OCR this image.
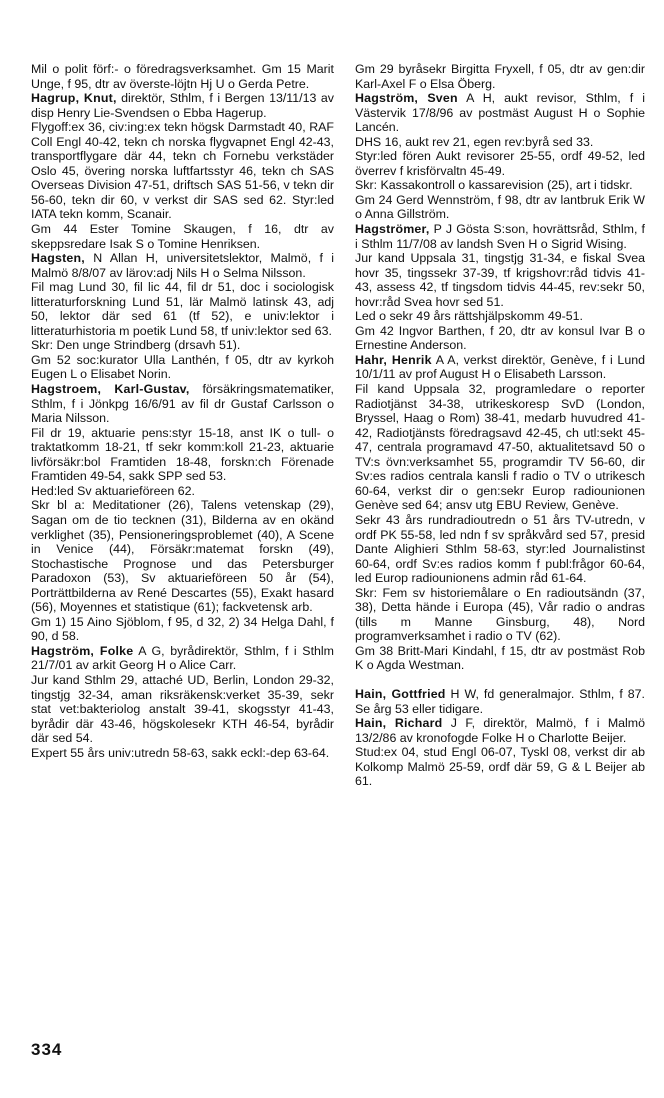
Mil o polit förf:- o föredragsverksamhet. Gm 15 Marit Unge, f 95, dtr av överste-löjtn Hj U o Gerda Petre.

Hagrup, Knut, direktör, Sthlm, f i Bergen 13/11/13 av disp Henry Lie-Svendsen o Ebba Hagerup.

Flygoff:ex 36, civ:ing:ex tekn högsk Darmstadt 40, RAF Coll Engl 40-42, tekn ch norska flygvapnet Engl 42-43, transportflygare där 44, tekn ch Fornebu verkstäder Oslo 45, övering norska luftfartsstyr 46, tekn ch SAS Overseas Division 47-51, driftsch SAS 51-56, v tekn dir 56-60, tekn dir 60, v verkst dir SAS sed 62. Styr:led IATA tekn komm, Scanair.

Gm 44 Ester Tomine Skaugen, f 16, dtr av skeppsredare Isak S o Tomine Henriksen.

Hagsten, N Allan H, universitetslektor, Malmö, f i Malmö 8/8/07 av lärov:adj Nils H o Selma Nilsson.

Fil mag Lund 30, fil lic 44, fil dr 51, doc i sociologisk litteraturforskning Lund 51, lär Malmö latinsk 43, adj 50, lektor där sed 61 (tf 52), e univ:lektor i litteraturhistoria m poetik Lund 58, tf univ:lektor sed 63.

Skr: Den unge Strindberg (drsavh 51).

Gm 52 soc:kurator Ulla Lanthén, f 05, dtr av kyrkoh Eugen L o Elisabet Norin.

Hagstroem, Karl-Gustav, försäkringsmatematiker, Sthlm, f i Jönkpg 16/6/91 av fil dr Gustaf Carlsson o Maria Nilsson.

Fil dr 19, aktuarie pens:styr 15-18, anst IK o tull- o traktatkomm 18-21, tf sekr komm:koll 21-23, aktuarie livförsäkr:bol Framtiden 18-48, forskn:ch Förenade Framtiden 49-54, sakk SPP sed 53.

Hed:led Sv aktuarieföreen 62.

Skr bl a: Meditationer (26), Talens vetenskap (29), Sagan om de tio tecknen (31), Bilderna av en okänd verklighet (35), Pensioneringsproblemet (40), A Scene in Venice (44), Försäkr:matemat forskn (49), Stochastische Prognose und das Petersburger Paradoxon (53), Sv aktuarieföreen 50 år (54), Porträttbilderna av René Descartes (55), Exakt hasard (56), Moyennes et statistique (61); fackvetensk arb.

Gm 1) 15 Aino Sjöblom, f 95, d 32, 2) 34 Helga Dahl, f 90, d 58.

Hagström, Folke A G, byrådirektör, Sthlm, f i Sthlm 21/7/01 av arkit Georg H o Alice Carr.

Jur kand Sthlm 29, attaché UD, Berlin, London 29-32, tingstjg 32-34, aman riksräkensk:verket 35-39, sekr stat vet:bakteriolog anstalt 39-41, skogsstyr 41-43, byrådir där 43-46, högskolesekr KTH 46-54, byrådir där sed 54.

Expert 55 års univ:utredn 58-63, sakk eckl:-dep 63-64.

Gm 29 byråsekr Birgitta Fryxell, f 05, dtr av gen:dir Karl-Axel F o Elsa Öberg.

Hagström, Sven A H, aukt revisor, Sthlm, f i Västervik 17/8/96 av postmäst August H o Sophie Lancén.

DHS 16, aukt rev 21, egen rev:byrå sed 33.

Styr:led fören Aukt revisorer 25-55, ordf 49-52, led överrev f krisförvaltn 45-49.

Skr: Kassakontroll o kassarevision (25), art i tidskr.

Gm 24 Gerd Wennström, f 98, dtr av lantbruk Erik W o Anna Gillström.

Hagströmer, P J Gösta S:son, hovrättsråd, Sthlm, f i Sthlm 11/7/08 av landsh Sven H o Sigrid Wising.

Jur kand Uppsala 31, tingstjg 31-34, e fiskal Svea hovr 35, tingssekr 37-39, tf krigshovr:råd tidvis 41-43, assess 42, tf tingsdom tidvis 44-45, rev:sekr 50, hovr:råd Svea hovr sed 51.

Led o sekr 49 års rättshjälpskomm 49-51.

Gm 42 Ingvor Barthen, f 20, dtr av konsul Ivar B o Ernestine Anderson.

Hahr, Henrik A A, verkst direktör, Genève, f i Lund 10/1/11 av prof August H o Elisabeth Larsson.

Fil kand Uppsala 32, programledare o reporter Radiotjänst 34-38, utrikeskoresp SvD (London, Bryssel, Haag o Rom) 38-41, medarb huvudred 41-42, Radiotjänsts föredragsavd 42-45, ch utl:sekt 45-47, centrala programavd 47-50, aktualitetsavd 50 o TV:s övn:verksamhet 55, programdir TV 56-60, dir Sv:es radios centrala kansli f radio o TV o utrikesch 60-64, verkst dir o gen:sekr Europ radiounionen Genève sed 64; ansv utg EBU Review, Genève.

Sekr 43 års rundradioutredn o 51 års TV-utredn, v ordf PK 55-58, led ndn f sv språkvård sed 57, presid Dante Alighieri Sthlm 58-63, styr:led Journalistinst 60-64, ordf Sv:es radios komm f publ:frågor 60-64, led Europ radiounionens admin råd 61-64.

Skr: Fem sv historiemålare o En radioutsändn (37, 38), Detta hände i Europa (45), Vår radio o andras (tills m Manne Ginsburg, 48), Nord programverksamhet i radio o TV (62).

Gm 38 Britt-Mari Kindahl, f 15, dtr av postmäst Rob K o Agda Westman.

Hain, Gottfried H W, fd generalmajor. Sthlm, f 87. Se årg 53 eller tidigare.

Hain, Richard J F, direktör, Malmö, f i Malmö 13/2/86 av kronofogde Folke H o Charlotte Beijer.

Stud:ex 04, stud Engl 06-07, Tyskl 08, verkst dir ab Kolkomp Malmö 25-59, ordf där 59, G & L Beijer ab 61.

334
